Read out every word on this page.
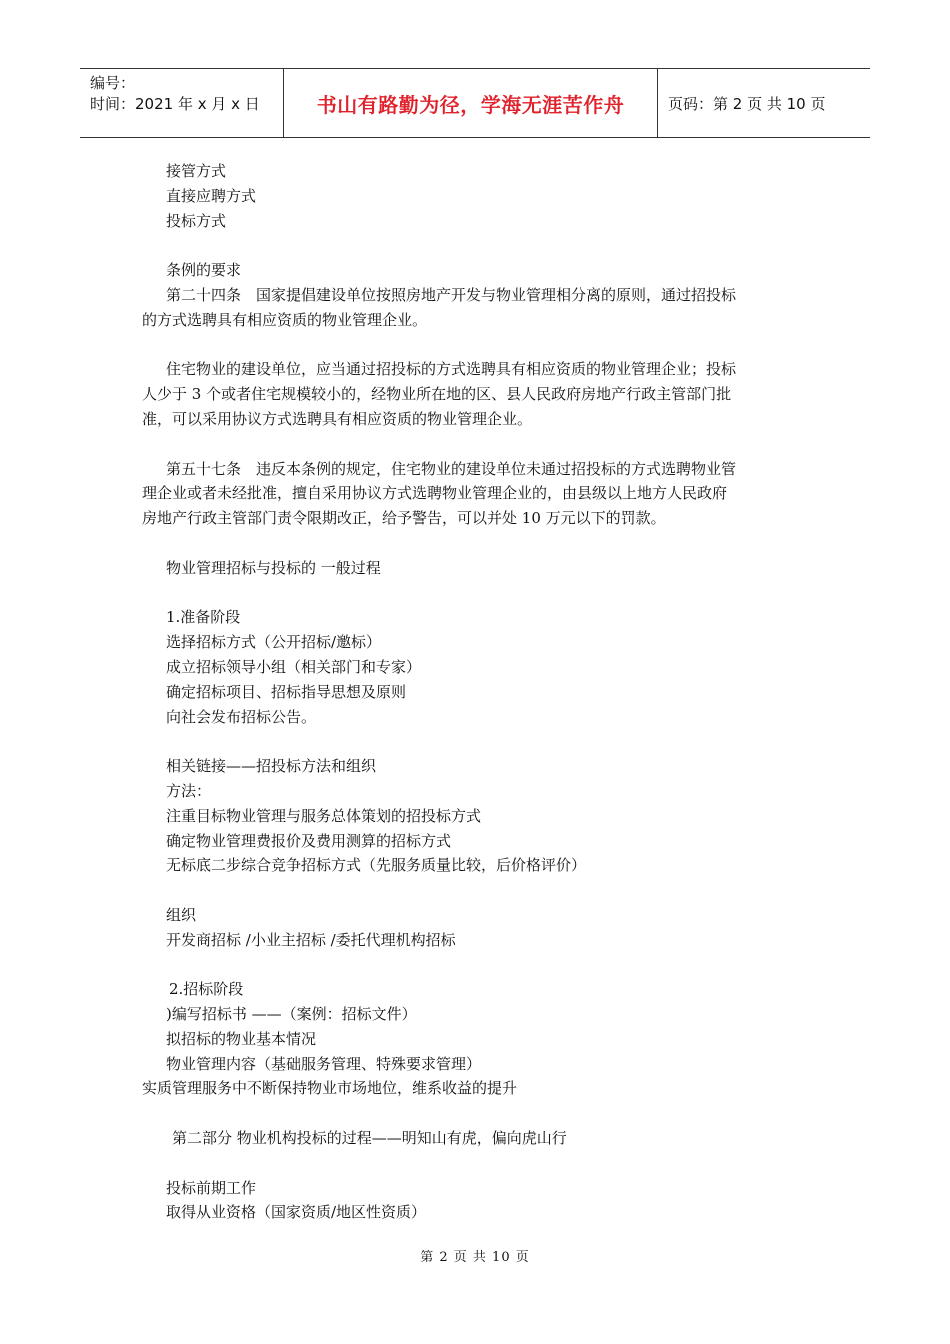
编号：
时间：2021 年 x 月 x 日	书山有路勤为径，学海无涯苦作舟	页码：第 2 页 共 10 页
接管方式
直接应聘方式
投标方式
条例的要求
第二十四条　国家提倡建设单位按照房地产开发与物业管理相分离的原则，通过招投标
的方式选聘具有相应资质的物业管理企业。
住宅物业的建设单位，应当通过招投标的方式选聘具有相应资质的物业管理企业；投标
人少于 3 个或者住宅规模较小的，经物业所在地的区、县人民政府房地产行政主管部门批
准，可以采用协议方式选聘具有相应资质的物业管理企业。
第五十七条　违反本条例的规定，住宅物业的建设单位未通过招投标的方式选聘物业管
理企业或者未经批准，擅自采用协议方式选聘物业管理企业的，由县级以上地方人民政府
房地产行政主管部门责令限期改正，给予警告，可以并处 10 万元以下的罚款。
物业管理招标与投标的 一般过程
1.准备阶段
选择招标方式（公开招标/邀标）
成立招标领导小组（相关部门和专家）
确定招标项目、招标指导思想及原则
向社会发布招标公告。
相关链接——招投标方法和组织
方法：
注重目标物业管理与服务总体策划的招投标方式
确定物业管理费报价及费用测算的招标方式
无标底二步综合竞争招标方式（先服务质量比较，后价格评价）
组织
开发商招标 /小业主招标 /委托代理机构招标
2.招标阶段
)编写招标书 ——（案例：招标文件）
拟招标的物业基本情况
物业管理内容（基础服务管理、特殊要求管理）
实质管理服务中不断保持物业市场地位，维系收益的提升
第二部分 物业机构投标的过程——明知山有虎，偏向虎山行
投标前期工作
取得从业资格（国家资质/地区性资质）
第 2 页 共 10 页
